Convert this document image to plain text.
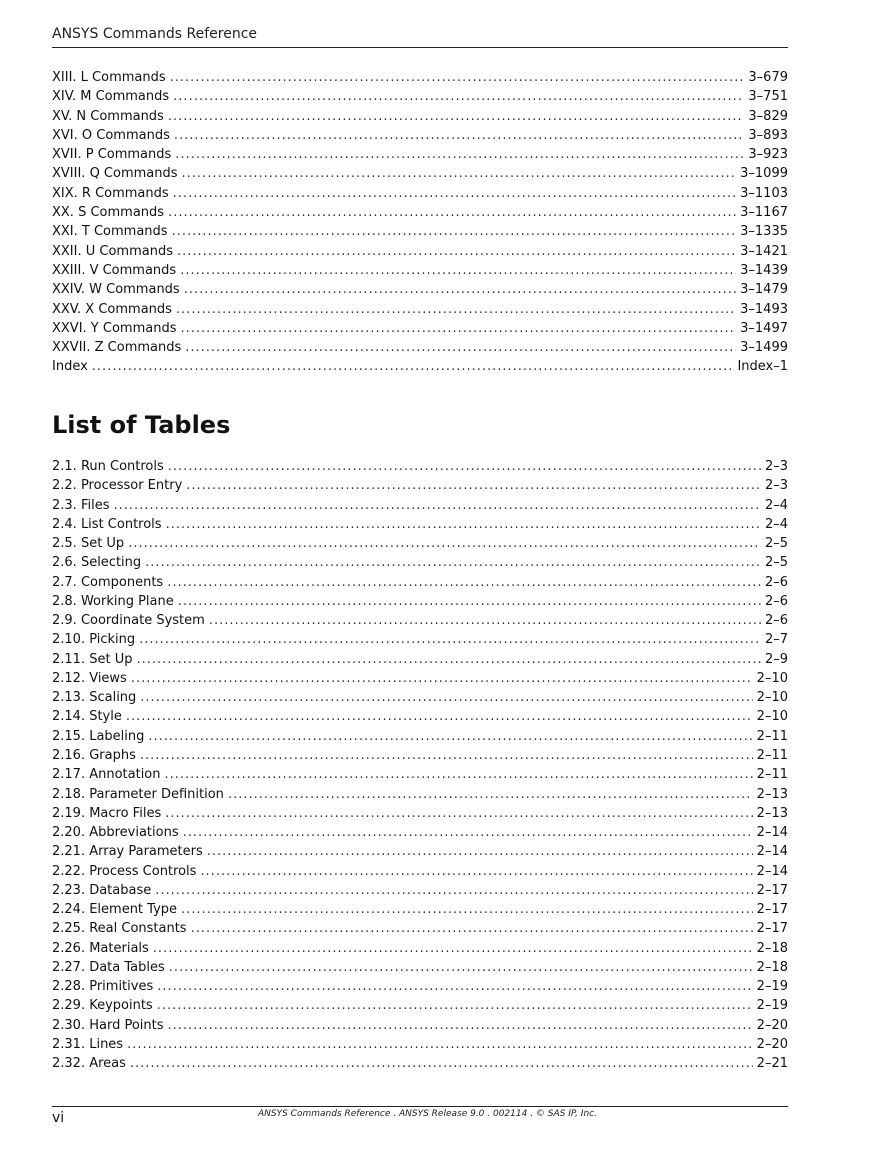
ANSYS Commands Reference
XIII. L Commands .....	3–679
XIV. M Commands .....	3–751
XV. N Commands .....	3–829
XVI. O Commands .....	3–893
XVII. P Commands .....	3–923
XVIII. Q Commands .....	3–1099
XIX. R Commands .....	3–1103
XX. S Commands .....	3–1167
XXI. T Commands .....	3–1335
XXII. U Commands .....	3–1421
XXIII. V Commands .....	3–1439
XXIV. W Commands .....	3–1479
XXV. X Commands .....	3–1493
XXVI. Y Commands .....	3–1497
XXVII. Z Commands .....	3–1499
Index .....	Index–1
List of Tables
2.1. Run Controls .....	2–3
2.2. Processor Entry .....	2–3
2.3. Files .....	2–4
2.4. List Controls .....	2–4
2.5. Set Up .....	2–5
2.6. Selecting .....	2–5
2.7. Components .....	2–6
2.8. Working Plane .....	2–6
2.9. Coordinate System .....	2–6
2.10. Picking .....	2–7
2.11. Set Up .....	2–9
2.12. Views .....	2–10
2.13. Scaling .....	2–10
2.14. Style .....	2–10
2.15. Labeling .....	2–11
2.16. Graphs .....	2–11
2.17. Annotation .....	2–11
2.18. Parameter Definition .....	2–13
2.19. Macro Files .....	2–13
2.20. Abbreviations .....	2–14
2.21. Array Parameters .....	2–14
2.22. Process Controls .....	2–14
2.23. Database .....	2–17
2.24. Element Type .....	2–17
2.25. Real Constants .....	2–17
2.26. Materials .....	2–18
2.27. Data Tables .....	2–18
2.28. Primitives .....	2–19
2.29. Keypoints .....	2–19
2.30. Hard Points .....	2–20
2.31. Lines .....	2–20
2.32. Areas .....	2–21
vi	ANSYS Commands Reference . ANSYS Release 9.0 . 002114 . © SAS IP, Inc.
